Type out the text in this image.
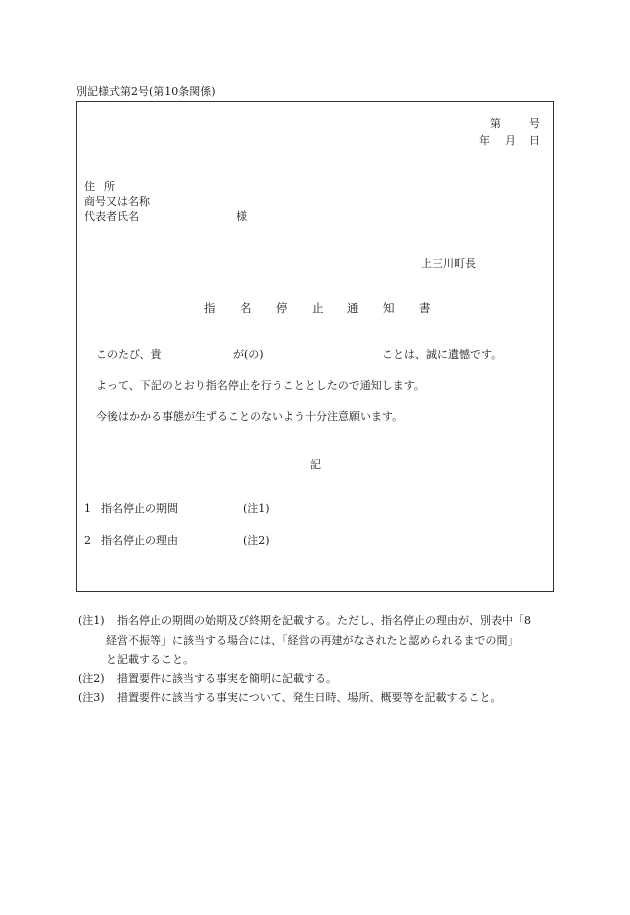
別記様式第2号(第10条関係)
第	号
年 月 日
住 所
商号又は名称
代表者氏名	様
上三川町長
指 名 停 止 通 知 書
このたび、貴	が(の)	ことは、誠に遺憾です。
よって、下記のとおり指名停止を行うこととしたので通知します。
今後はかかる事態が生ずることのないよう十分注意願います。
記
1 指名停止の期間	(注1)
2 指名停止の理由	(注2)
(注1) 指名停止の期間の始期及び終期を記載する。ただし、指名停止の理由が、別表中「8
経営不振等」に該当する場合には、「経営の再建がなされたと認められるまでの間」
と記載すること。
(注2) 措置要件に該当する事実を簡明に記載する。
(注3) 措置要件に該当する事実について、発生日時、場所、概要等を記載すること。
